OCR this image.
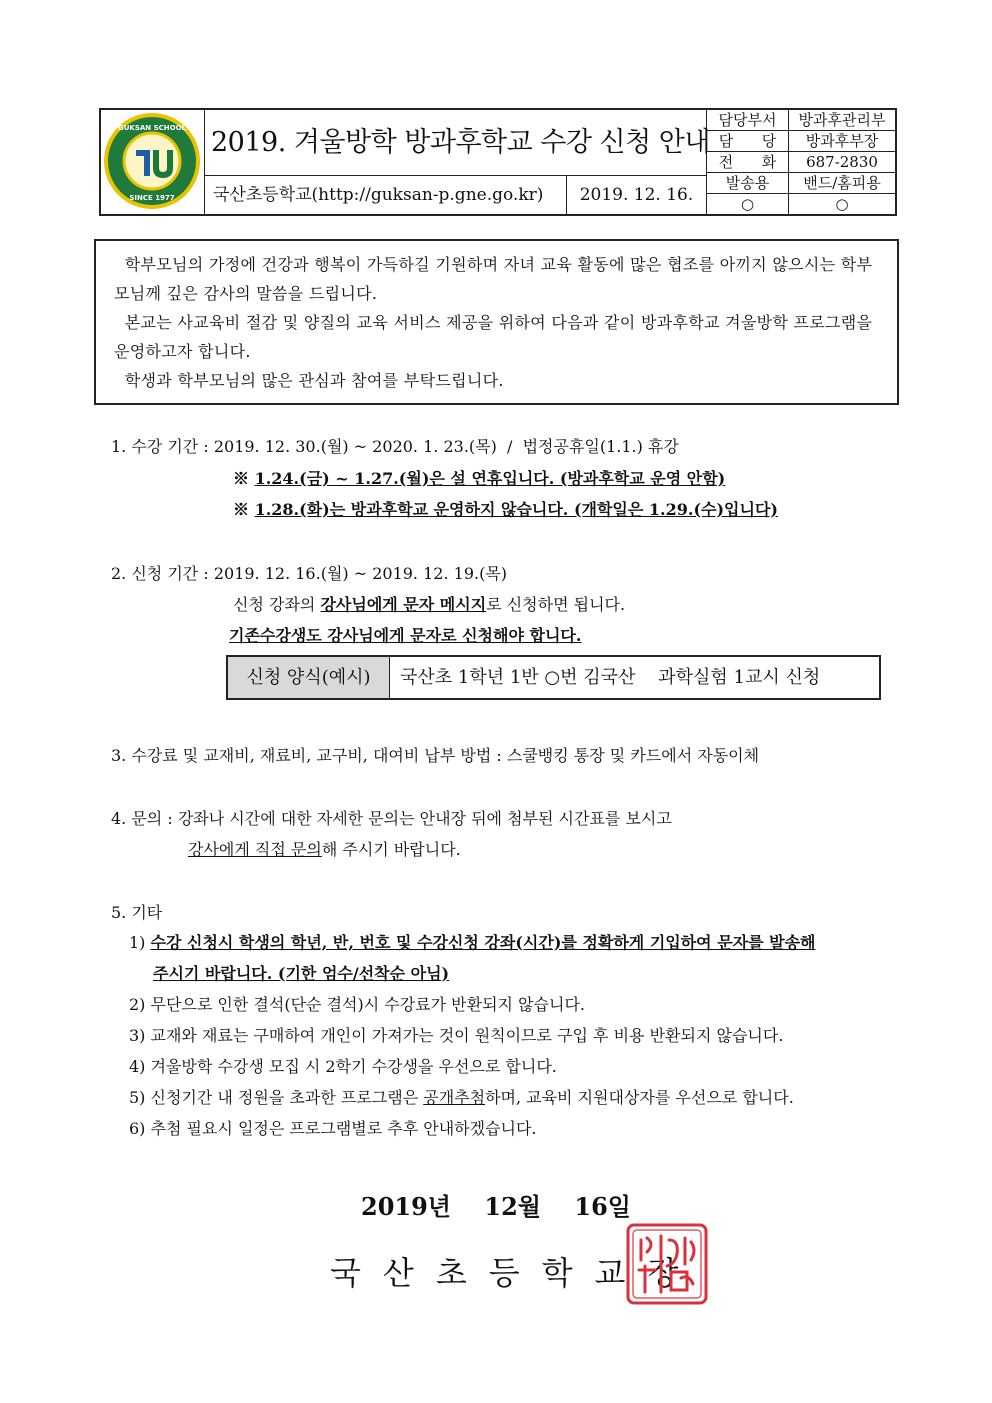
GUKSAN SCHOOL
SINCE 1977
2019. 겨울방학 방과후학교 수강 신청 안내
국산초등학교(http://guksan-p.gne.go.kr)	2019. 12. 16.
담당부서	방과후관리부
담      당	방과후부장
전      화	687-2830
발송용	밴드/홈피용
○	○

학부모님의 가정에 건강과 행복이 가득하길 기원하며 자녀 교육 활동에 많은 협조를 아끼지 않으시는 학부모님께 깊은 감사의 말씀을 드립니다.

본교는 사교육비 절감 및 양질의 교육 서비스 제공을 위하여 다음과 같이 방과후학교 겨울방학 프로그램을 운영하고자 합니다.

학생과 학부모님의 많은 관심과 참여를 부탁드립니다.

1. 수강 기간 : 2019. 12. 30.(월) ~ 2020. 1. 23.(목)  /  법정공휴일(1.1.) 휴강
※ 1.24.(금) ~ 1.27.(월)은 설 연휴입니다. (방과후학교 운영 안함)
※ 1.28.(화)는 방과후학교 운영하지 않습니다. (개학일은 1.29.(수)입니다)
2. 신청 기간 : 2019. 12. 16.(월) ~ 2019. 12. 19.(목)
신청 강좌의 강사님에게 문자 메시지로 신청하면 됩니다.
기존수강생도 강사님에게 문자로 신청해야 합니다.
신청 양식(예시)	국산초 1학년 1반 ○번 김국산    과학실험 1교시 신청
3. 수강료 및 교재비, 재료비, 교구비, 대여비 납부 방법 : 스쿨뱅킹 통장 및 카드에서 자동이체
4. 문의 : 강좌나 시간에 대한 자세한 문의는 안내장 뒤에 첨부된 시간표를 보시고
강사에게 직접 문의해 주시기 바랍니다.
5. 기타
1) 수강 신청시 학생의 학년, 반, 번호 및 수강신청 강좌(시간)를 정확하게 기입하여 문자를 발송해
주시기 바랍니다. (기한 엄수/선착순 아님)
2) 무단으로 인한 결석(단순 결석)시 수강료가 반환되지 않습니다.
3) 교재와 재료는 구매하여 개인이 가져가는 것이 원칙이므로 구입 후 비용 반환되지 않습니다.
4) 겨울방학 수강생 모집 시 2학기 수강생을 우선으로 합니다.
5) 신청기간 내 정원을 초과한 프로그램은 공개추첨하며, 교육비 지원대상자를 우선으로 합니다.
6) 추첨 필요시 일정은 프로그램별로 추후 안내하겠습니다.
2019년    12월    16일
국산초등학교장
